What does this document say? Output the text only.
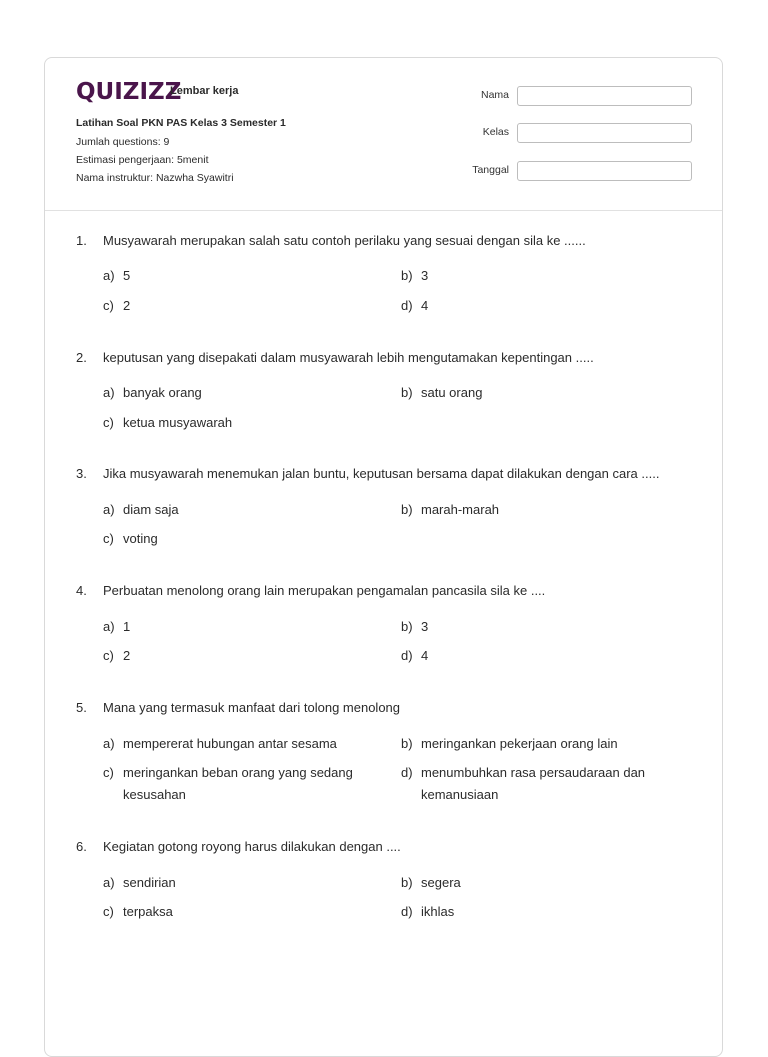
QUIZIZZ
Lembar kerja
Latihan Soal PKN PAS Kelas 3 Semester 1
Jumlah questions: 9
Estimasi pengerjaan: 5menit
Nama instruktur: Nazwha Syawitri
Nama
Kelas
Tanggal
1. Musyawarah merupakan salah satu contoh perilaku yang sesuai dengan sila ke ......
a) 5	b) 3
c) 2	d) 4
2. keputusan yang disepakati dalam musyawarah lebih mengutamakan kepentingan .....
a) banyak orang	b) satu orang
c) ketua musyawarah
3. Jika musyawarah menemukan jalan buntu, keputusan bersama dapat dilakukan dengan cara .....
a) diam saja	b) marah-marah
c) voting
4. Perbuatan menolong orang lain merupakan pengamalan pancasila sila ke ....
a) 1	b) 3
c) 2	d) 4
5. Mana yang termasuk manfaat dari tolong menolong
a) mempererat hubungan antar sesama	b) meringankan pekerjaan orang lain
c) meringankan beban orang yang sedang kesusahan
d) menumbuhkan rasa persaudaraan dan kemanusiaan
6. Kegiatan gotong royong harus dilakukan dengan ....
a) sendirian	b) segera
c) terpaksa	d) ikhlas
